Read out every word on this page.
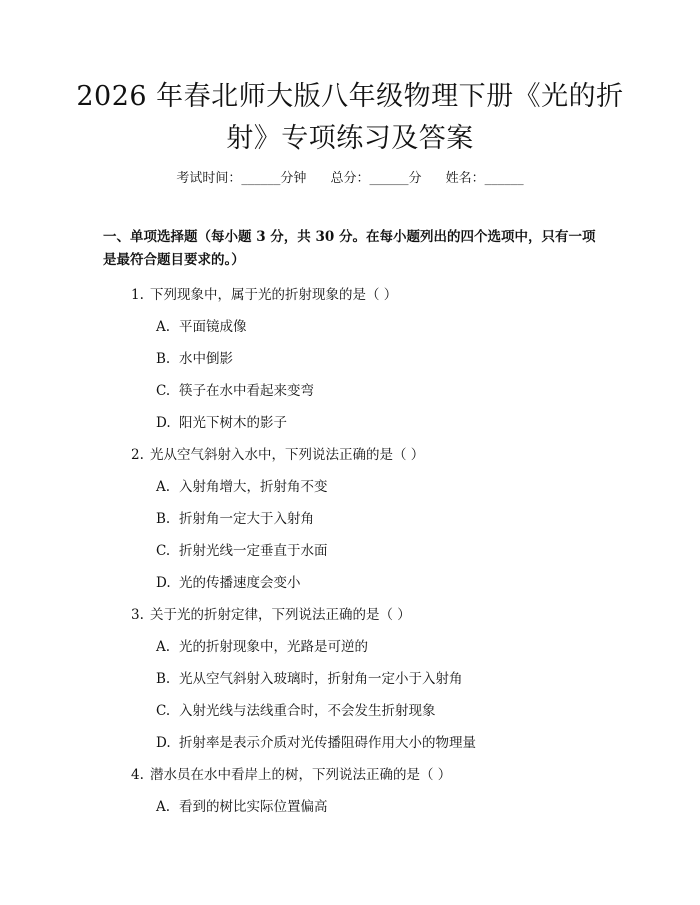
2026 年春北师大版八年级物理下册《光的折
射》专项练习及答案
考试时间：______分钟 总分：______分 姓名：______
一、单项选择题（每小题 3 分，共 30 分。在每小题列出的四个选项中，只有一项是最符合题目要求的。）
1. 下列现象中，属于光的折射现象的是（ ）
A. 平面镜成像
B. 水中倒影
C. 筷子在水中看起来变弯
D. 阳光下树木的影子
2. 光从空气斜射入水中，下列说法正确的是（ ）
A. 入射角增大，折射角不变
B. 折射角一定大于入射角
C. 折射光线一定垂直于水面
D. 光的传播速度会变小
3. 关于光的折射定律，下列说法正确的是（ ）
A. 光的折射现象中，光路是可逆的
B. 光从空气斜射入玻璃时，折射角一定小于入射角
C. 入射光线与法线重合时，不会发生折射现象
D. 折射率是表示介质对光传播阻碍作用大小的物理量
4. 潜水员在水中看岸上的树，下列说法正确的是（ ）
A. 看到的树比实际位置偏高
